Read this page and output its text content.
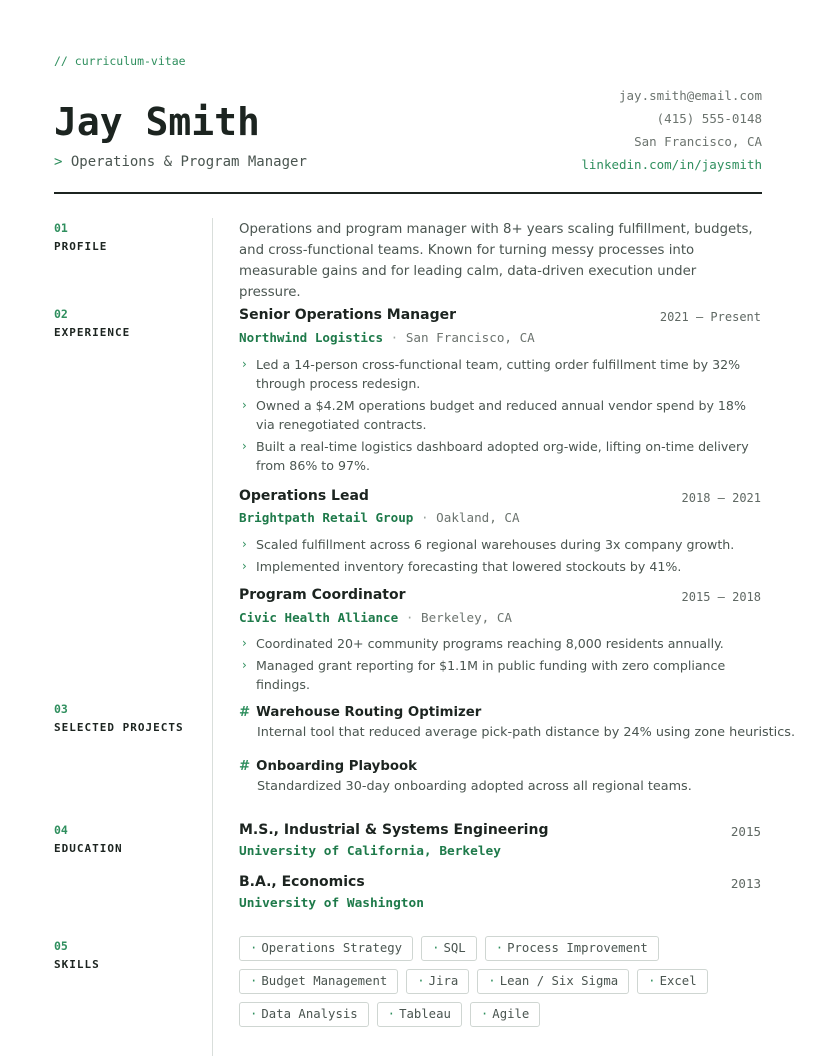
// curriculum-vitae
Jay Smith
> Operations & Program Manager
jay.smith@email.com
(415) 555-0148
San Francisco, CA
linkedin.com/in/jaysmith
01
PROFILE
02
EXPERIENCE
03
SELECTED PROJECTS
04
EDUCATION
05
SKILLS
Operations and program manager with 8+ years scaling fulfillment, budgets, and cross-functional teams. Known for turning messy processes into measurable gains and for leading calm, data-driven execution under pressure.
Senior Operations Manager	2021 — Present
Northwind Logistics · San Francisco, CA
› Led a 14-person cross-functional team, cutting order fulfillment time by 32% through process redesign.
› Owned a $4.2M operations budget and reduced annual vendor spend by 18% via renegotiated contracts.
› Built a real-time logistics dashboard adopted org-wide, lifting on-time delivery from 86% to 97%.
Operations Lead	2018 — 2021
Brightpath Retail Group · Oakland, CA
› Scaled fulfillment across 6 regional warehouses during 3x company growth.
› Implemented inventory forecasting that lowered stockouts by 41%.
Program Coordinator	2015 — 2018
Civic Health Alliance · Berkeley, CA
› Coordinated 20+ community programs reaching 8,000 residents annually.
› Managed grant reporting for $1.1M in public funding with zero compliance findings.
# Warehouse Routing Optimizer
Internal tool that reduced average pick-path distance by 24% using zone heuristics.
# Onboarding Playbook
Standardized 30-day onboarding adopted across all regional teams.
M.S., Industrial & Systems Engineering	2015
University of California, Berkeley
B.A., Economics	2013
University of Washington
· Operations Strategy	· SQL	· Process Improvement
· Budget Management	· Jira	· Lean / Six Sigma	· Excel
· Data Analysis	· Tableau	· Agile
